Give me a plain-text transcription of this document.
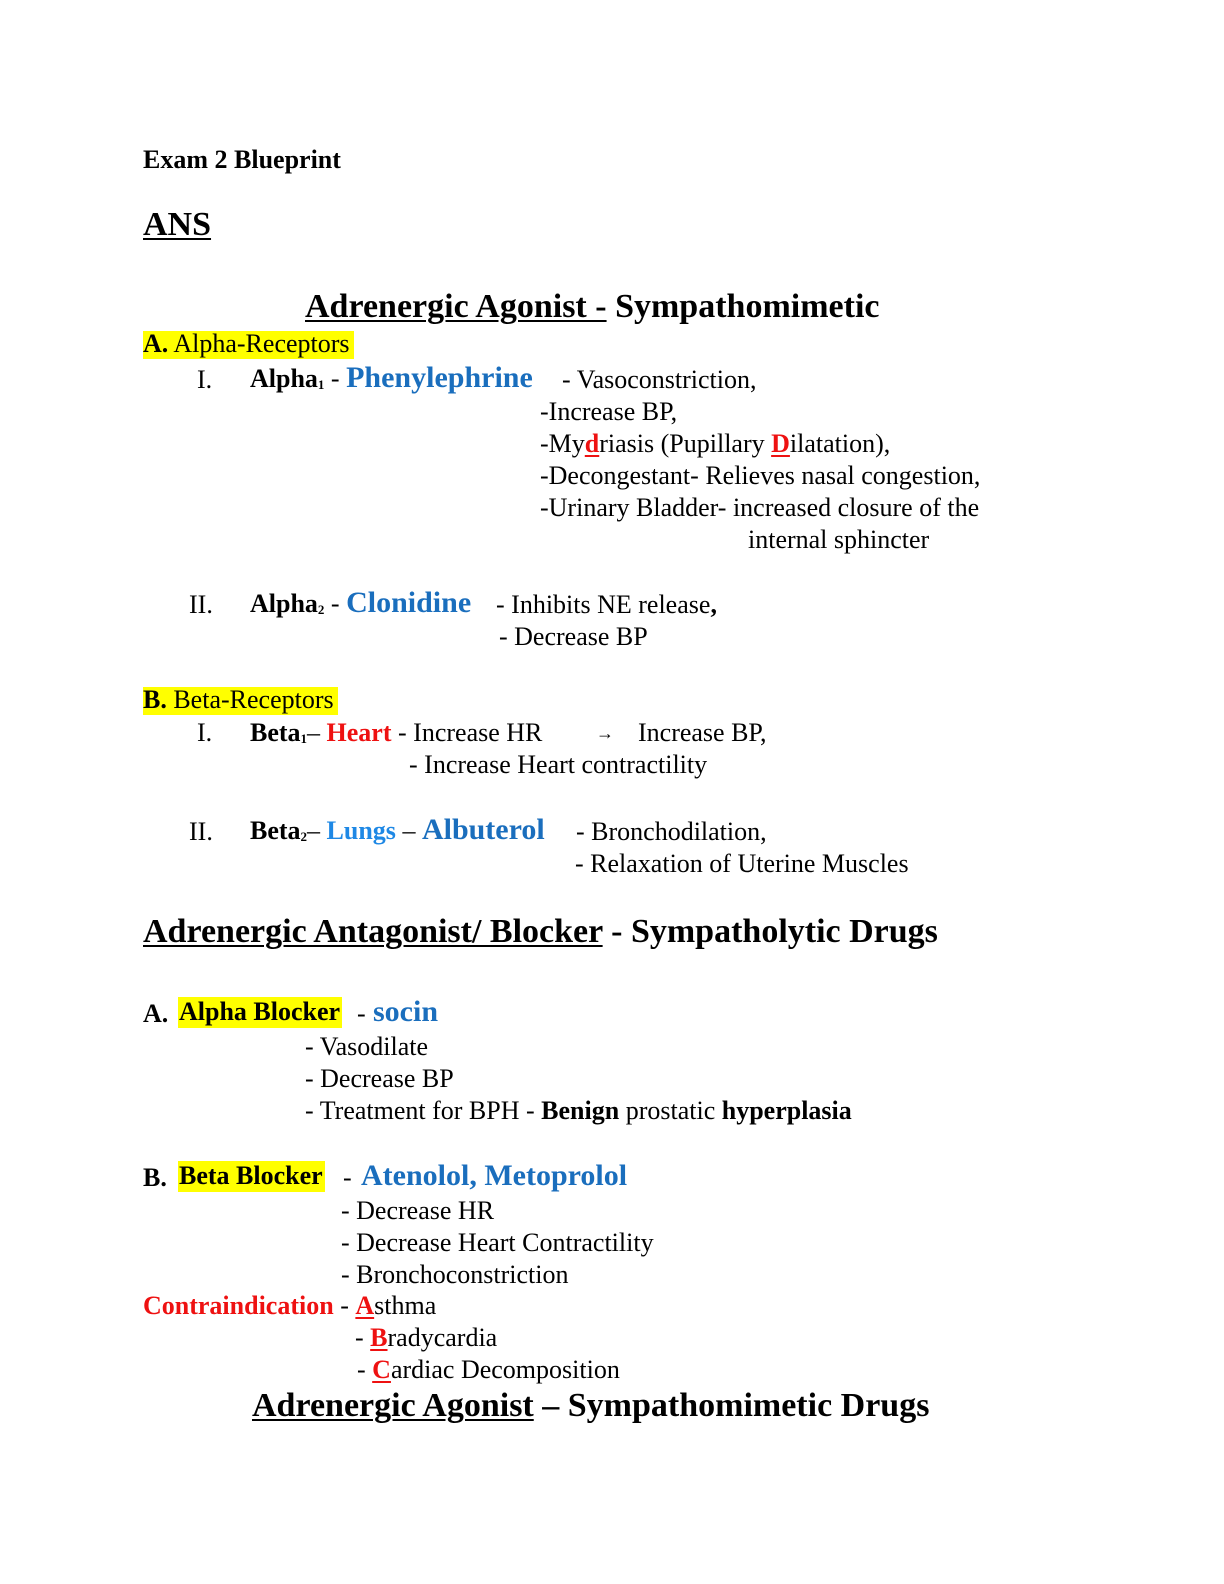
Exam 2 Blueprint
ANS
Adrenergic Agonist - Sympathomimetic
A. Alpha-Receptors
I. Alpha$_1$ - Phenylephrine - Vasoconstriction,
-Increase BP,
-Mydriasis (Pupillary Dilatation),
-Decongestant- Relieves nasal congestion,
-Urinary Bladder- increased closure of the
internal sphincter
II. Alpha$_2$ - Clonidine - Inhibits NE release,
- Decrease BP
B. Beta-Receptors
I. Beta$_1$– Heart - Increase HR	→ Increase BP,
- Increase Heart contractility
II. Beta$_2$– Lungs – Albuterol - Bronchodilation,
- Relaxation of Uterine Muscles
Adrenergic Antagonist/ Blocker - Sympatholytic Drugs
A. Alpha Blocker - socin
- Vasodilate
- Decrease BP
- Treatment for BPH - Benign prostatic hyperplasia
B. Beta Blocker - Atenolol, Metoprolol
- Decrease HR
- Decrease Heart Contractility
- Bronchoconstriction
Contraindication - Asthma
- Bradycardia
- Cardiac Decomposition
Adrenergic Agonist – Sympathomimetic Drugs
